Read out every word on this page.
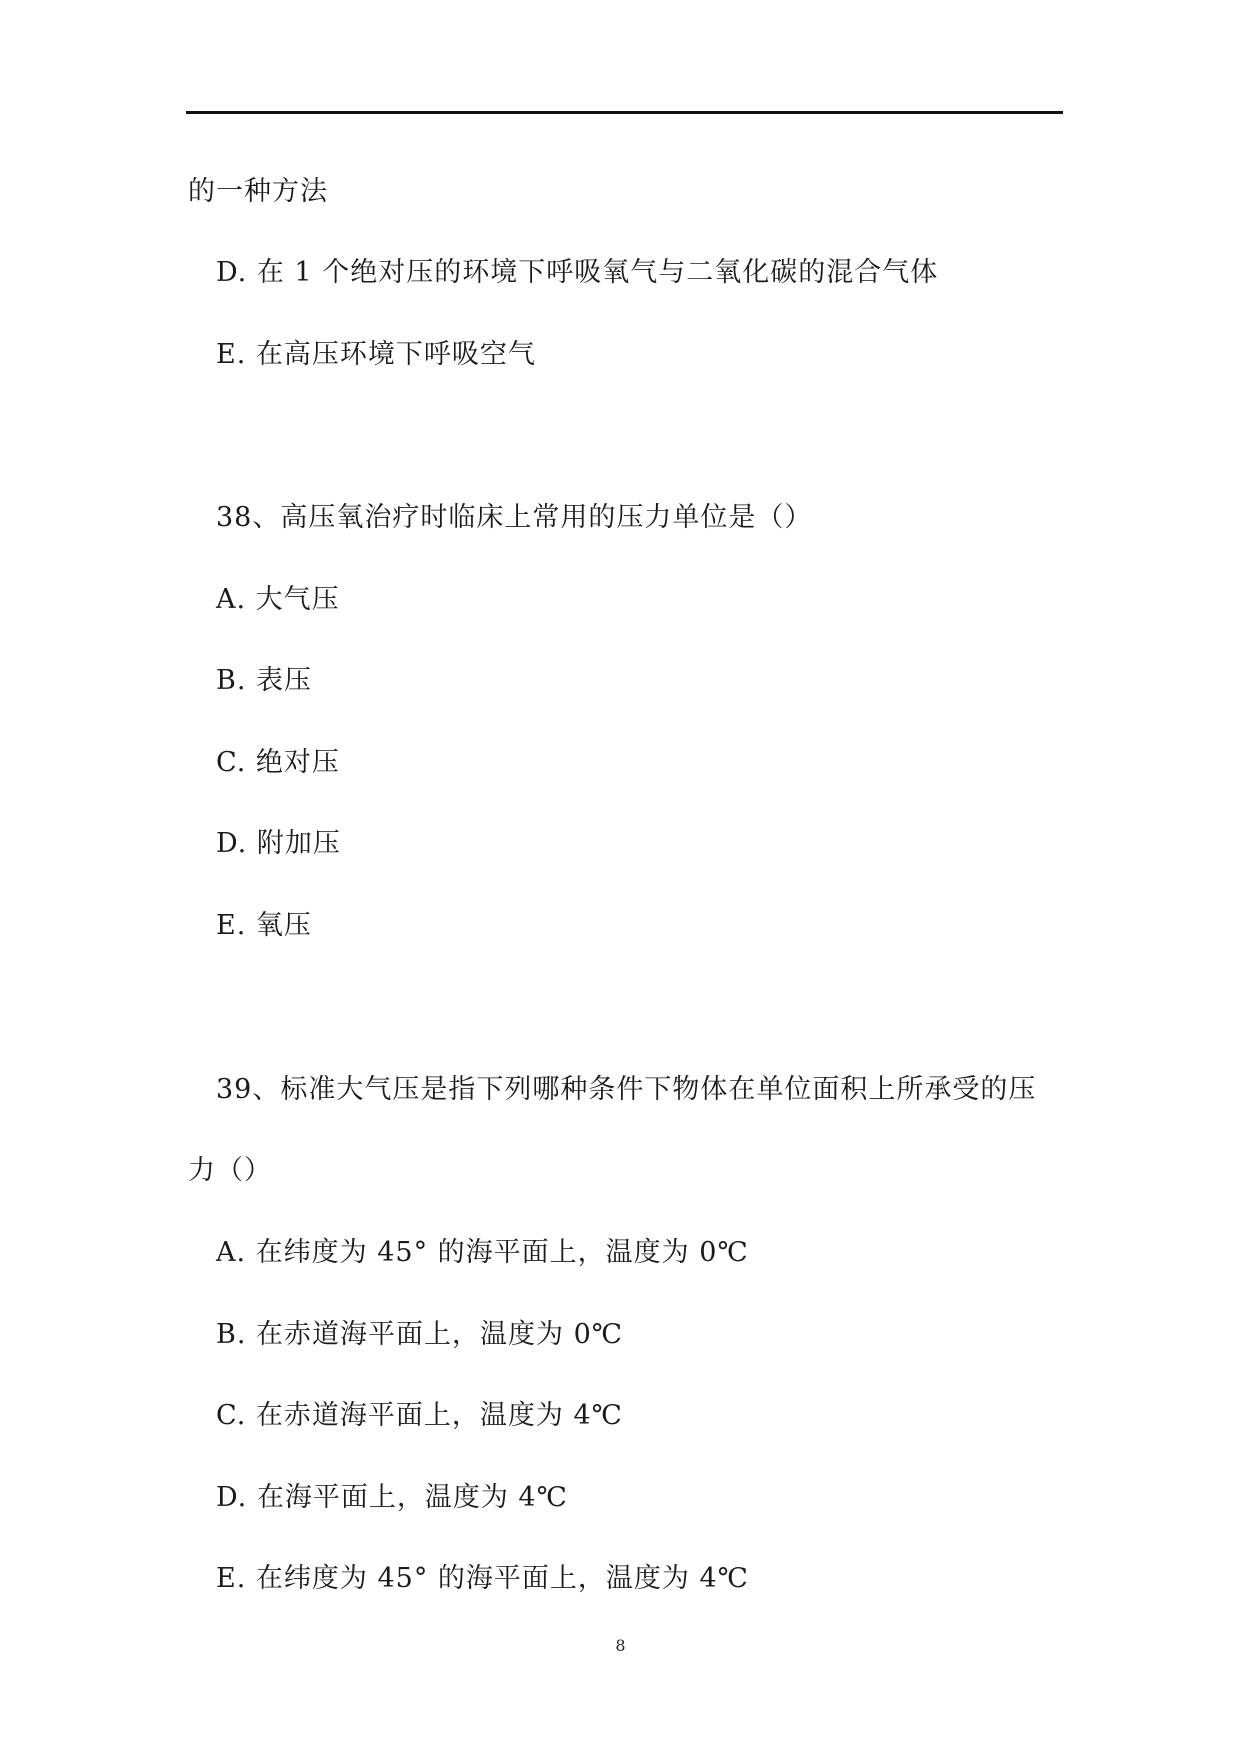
的一种方法
D. 在 1 个绝对压的环境下呼吸氧气与二氧化碳的混合气体
E. 在高压环境下呼吸空气
38、高压氧治疗时临床上常用的压力单位是（）
A. 大气压
B. 表压
C. 绝对压
D. 附加压
E. 氧压
39、标准大气压是指下列哪种条件下物体在单位面积上所承受的压
力（）
A. 在纬度为 45° 的海平面上，温度为 0℃
B. 在赤道海平面上，温度为 0℃
C. 在赤道海平面上，温度为 4℃
D. 在海平面上，温度为 4℃
E. 在纬度为 45° 的海平面上，温度为 4℃
8
